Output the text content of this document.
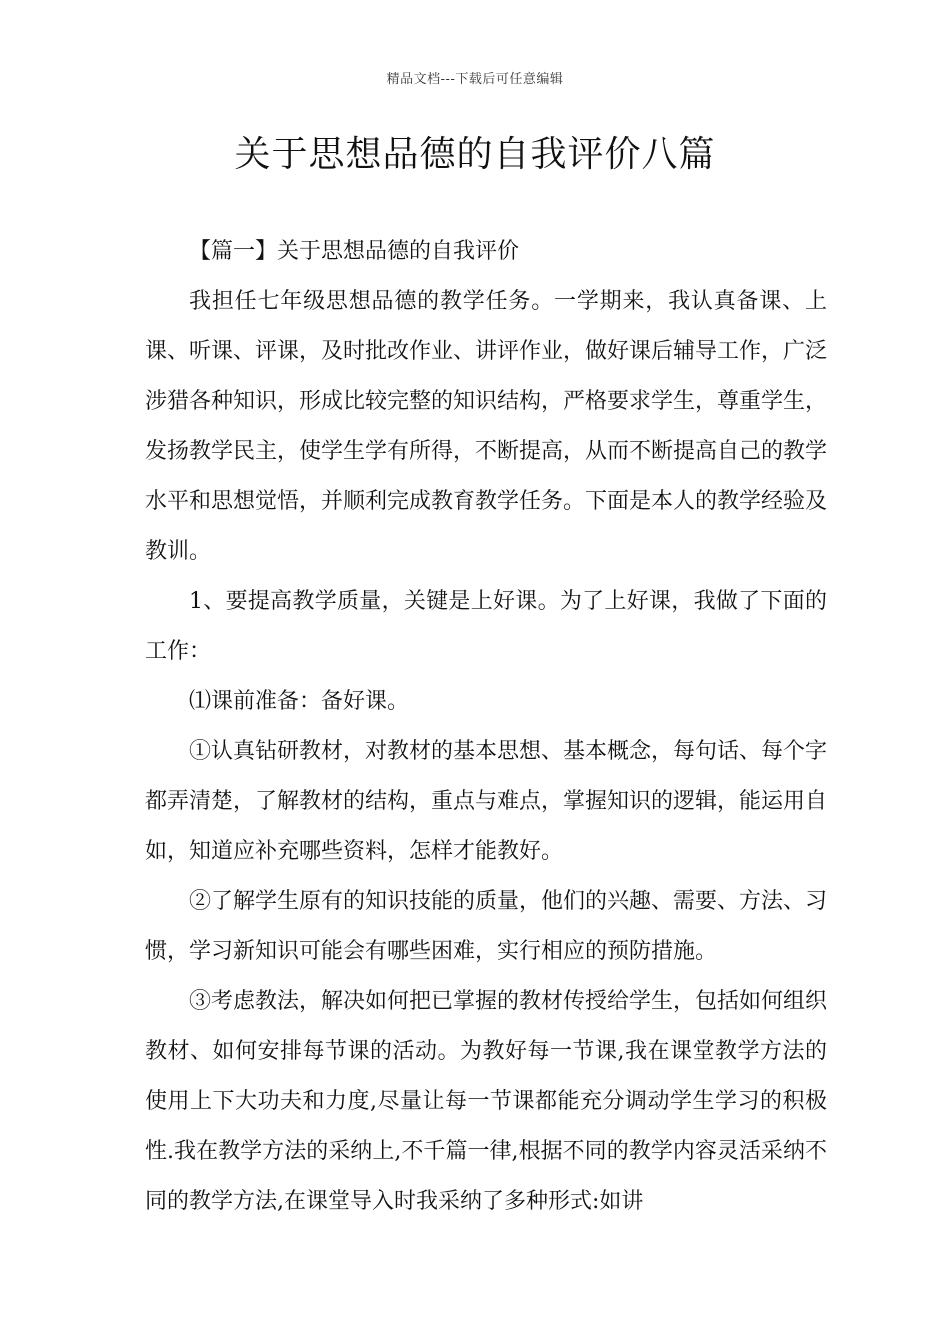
精品文档---下载后可任意编辑
关于思想品德的自我评价八篇

【篇一】关于思想品德的自我评价

我担任七年级思想品德的教学任务。一学期来，我认真备课、上课、听课、评课，及时批改作业、讲评作业，做好课后辅导工作，广泛涉猎各种知识，形成比较完整的知识结构，严格要求学生，尊重学生，发扬教学民主，使学生学有所得，不断提高，从而不断提高自己的教学水平和思想觉悟，并顺利完成教育教学任务。下面是本人的教学经验及教训。

1、要提高教学质量，关键是上好课。为了上好课，我做了下面的工作：

⑴课前准备：备好课。

①认真钻研教材，对教材的基本思想、基本概念，每句话、每个字都弄清楚，了解教材的结构，重点与难点，掌握知识的逻辑，能运用自如，知道应补充哪些资料，怎样才能教好。

②了解学生原有的知识技能的质量，他们的兴趣、需要、方法、习惯，学习新知识可能会有哪些困难，实行相应的预防措施。

③考虑教法，解决如何把已掌握的教材传授给学生，包括如何组织教材、如何安排每节课的活动。为教好每一节课,我在课堂教学方法的使用上下大功夫和力度,尽量让每一节课都能充分调动学生学习的积极性.我在教学方法的采纳上,不千篇一律,根据不同的教学内容灵活采纳不同的教学方法,在课堂导入时我采纳了多种形式:如讲
